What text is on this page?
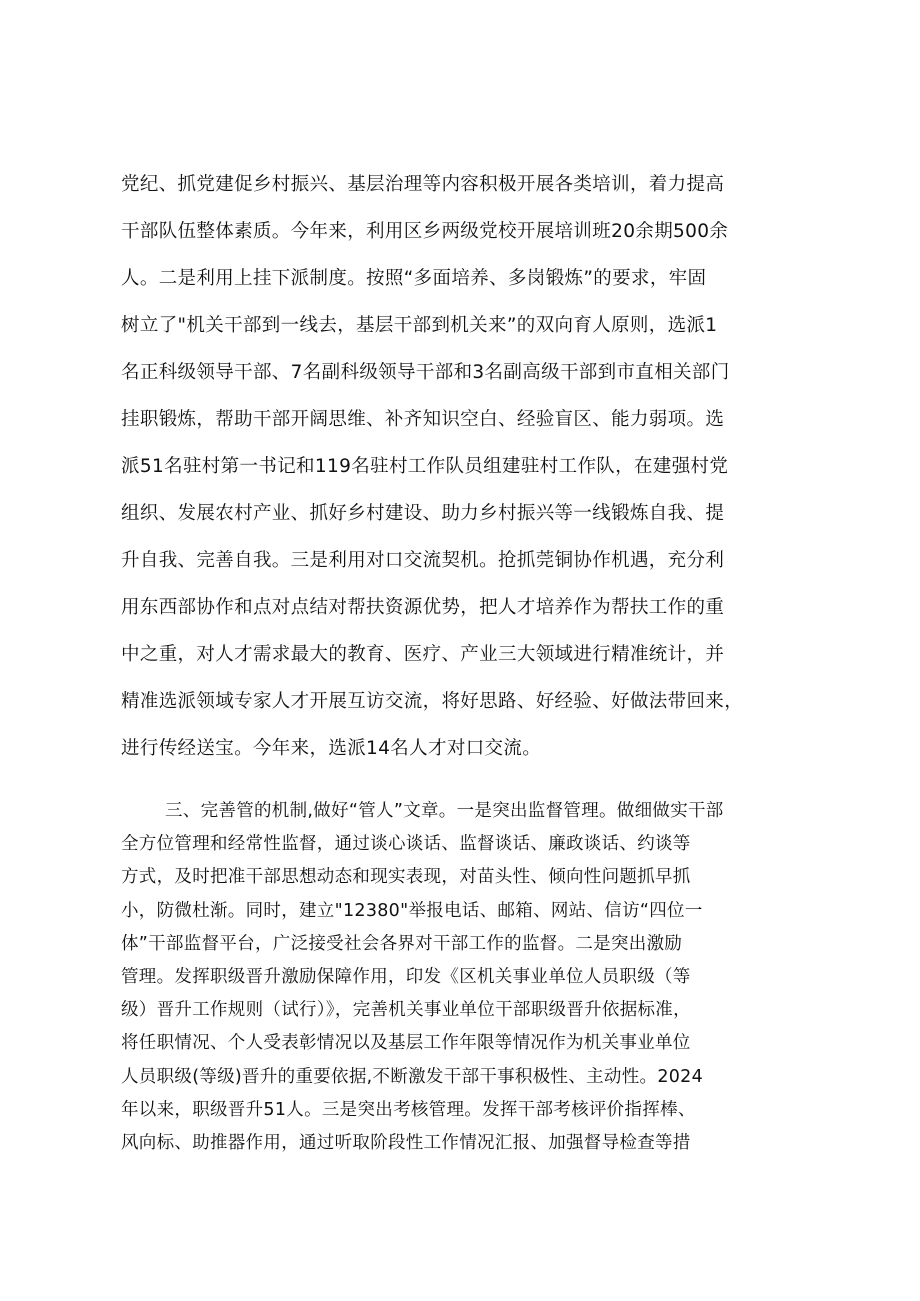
党纪、抓党建促乡村振兴、基层治理等内容积极开展各类培训，着力提高
干部队伍整体素质。今年来，利用区乡两级党校开展培训班20余期500余
人。二是利用上挂下派制度。按照“多面培养、多岗锻炼”的要求，牢固
树立了"机关干部到一线去，基层干部到机关来”的双向育人原则，选派1
名正科级领导干部、7名副科级领导干部和3名副高级干部到市直相关部门
挂职锻炼，帮助干部开阔思维、补齐知识空白、经验盲区、能力弱项。选
派51名驻村第一书记和119名驻村工作队员组建驻村工作队，在建强村党
组织、发展农村产业、抓好乡村建设、助力乡村振兴等一线锻炼自我、提
升自我、完善自我。三是利用对口交流契机。抢抓莞铜协作机遇，充分利
用东西部协作和点对点结对帮扶资源优势，把人才培养作为帮扶工作的重
中之重，对人才需求最大的教育、医疗、产业三大领域进行精准统计，并
精准选派领域专家人才开展互访交流，将好思路、好经验、好做法带回来，
进行传经送宝。今年来，选派14名人才对口交流。
三、完善管的机制,做好“管人”文章。一是突出监督管理。做细做实干部
全方位管理和经常性监督，通过谈心谈话、监督谈话、廉政谈话、约谈等
方式，及时把准干部思想动态和现实表现，对苗头性、倾向性问题抓早抓
小，防微杜渐。同时，建立"12380"举报电话、邮箱、网站、信访“四位一
体”干部监督平台，广泛接受社会各界对干部工作的监督。二是突出激励
管理。发挥职级晋升激励保障作用，印发《区机关事业单位人员职级（等
级）晋升工作规则（试行）》，完善机关事业单位干部职级晋升依据标准，
将任职情况、个人受表彰情况以及基层工作年限等情况作为机关事业单位
人员职级(等级)晋升的重要依据,不断激发干部干事积极性、主动性。2024
年以来，职级晋升51人。三是突出考核管理。发挥干部考核评价指挥棒、
风向标、助推器作用，通过听取阶段性工作情况汇报、加强督导检查等措
